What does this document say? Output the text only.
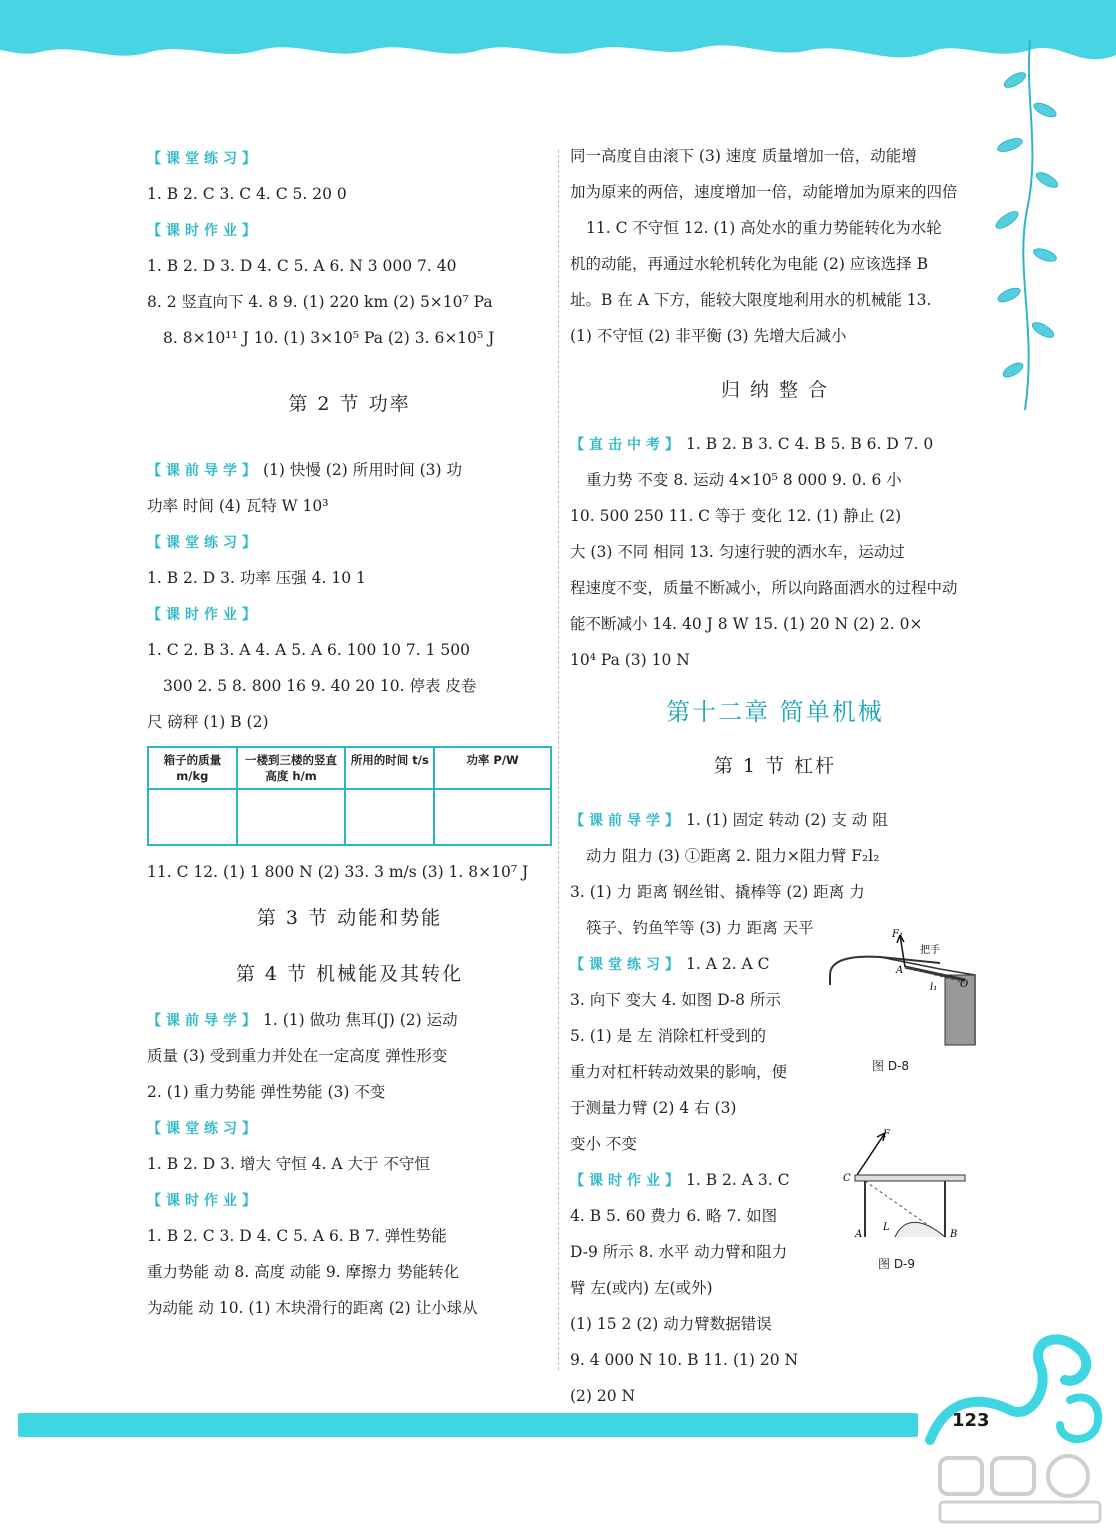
【课堂练习】
1. B 2. C 3. C 4. C 5. 20 0
【课时作业】
1. B 2. D 3. D 4. C 5. A 6. N 3 000 7. 40
8. 2 竖直向下 4. 8 9. (1) 220 km (2) 5×10⁷ Pa
8. 8×10¹¹ J 10. (1) 3×10⁵ Pa (2) 3. 6×10⁵ J
第 2 节 功率
【课前导学】 (1) 快慢 (2) 所用时间 (3) 功
功率 时间 (4) 瓦特 W 10³
【课堂练习】
1. B 2. D 3. 功率 压强 4. 10 1
【课时作业】
1. C 2. B 3. A 4. A 5. A 6. 100 10 7. 1 500
300 2. 5 8. 800 16 9. 40 20 10. 停表 皮卷
尺 磅秤 (1) B (2)
箱子的质量 m/kg	一楼到三楼的竖直高度 h/m	所用的时间 t/s	功率 P/W

11. C 12. (1) 1 800 N (2) 33. 3 m/s (3) 1. 8×10⁷ J
第 3 节 动能和势能
第 4 节 机械能及其转化
【课前导学】 1. (1) 做功 焦耳(J) (2) 运动
质量 (3) 受到重力并处在一定高度 弹性形变
2. (1) 重力势能 弹性势能 (3) 不变
【课堂练习】
1. B 2. D 3. 增大 守恒 4. A 大于 不守恒
【课时作业】
1. B 2. C 3. D 4. C 5. A 6. B 7. 弹性势能
重力势能 动 8. 高度 动能 9. 摩擦力 势能转化
为动能 动 10. (1) 木块滑行的距离 (2) 让小球从
同一高度自由滚下 (3) 速度 质量增加一倍，动能增
加为原来的两倍，速度增加一倍，动能增加为原来的四倍
11. C 不守恒 12. (1) 高处水的重力势能转化为水轮
机的动能，再通过水轮机转化为电能 (2) 应该选择 B
址。B 在 A 下方，能较大限度地利用水的机械能 13.
(1) 不守恒 (2) 非平衡 (3) 先增大后减小
归 纳 整 合
【直击中考】 1. B 2. B 3. C 4. B 5. B 6. D 7. 0
重力势 不变 8. 运动 4×10⁵ 8 000 9. 0. 6 小
10. 500 250 11. C 等于 变化 12. (1) 静止 (2)
大 (3) 不同 相同 13. 匀速行驶的洒水车，运动过
程速度不变，质量不断减小，所以向路面洒水的过程中动
能不断减小 14. 40 J 8 W 15. (1) 20 N (2) 2. 0×
10⁴ Pa (3) 10 N
第十二章 简单机械
第 1 节 杠杆
【课前导学】 1. (1) 固定 转动 (2) 支 动 阻
动力 阻力 (3) ①距离 2. 阻力×阻力臂 F₂l₂
3. (1) 力 距离 钢丝钳、撬棒等 (2) 距离 力
筷子、钓鱼竿等 (3) 力 距离 天平
【课堂练习】 1. A 2. A C
3. 向下 变大 4. 如图 D-8 所示
5. (1) 是 左 消除杠杆受到的
重力对杠杆转动效果的影响，便
于测量力臂 (2) 4 右 (3)
变小 不变
【课时作业】 1. B 2. A 3. C
4. B 5. 60 费力 6. 略 7. 如图
D-9 所示 8. 水平 动力臂和阻力
臂 左(或内) 左(或外)
(1) 15 2 (2) 动力臂数据错误
9. 4 000 N 10. B 11. (1) 20 N
(2) 20 N
F₁
把手
A
O
l₁
图 D-8
F
C
A	B
L
图 D-9
123
